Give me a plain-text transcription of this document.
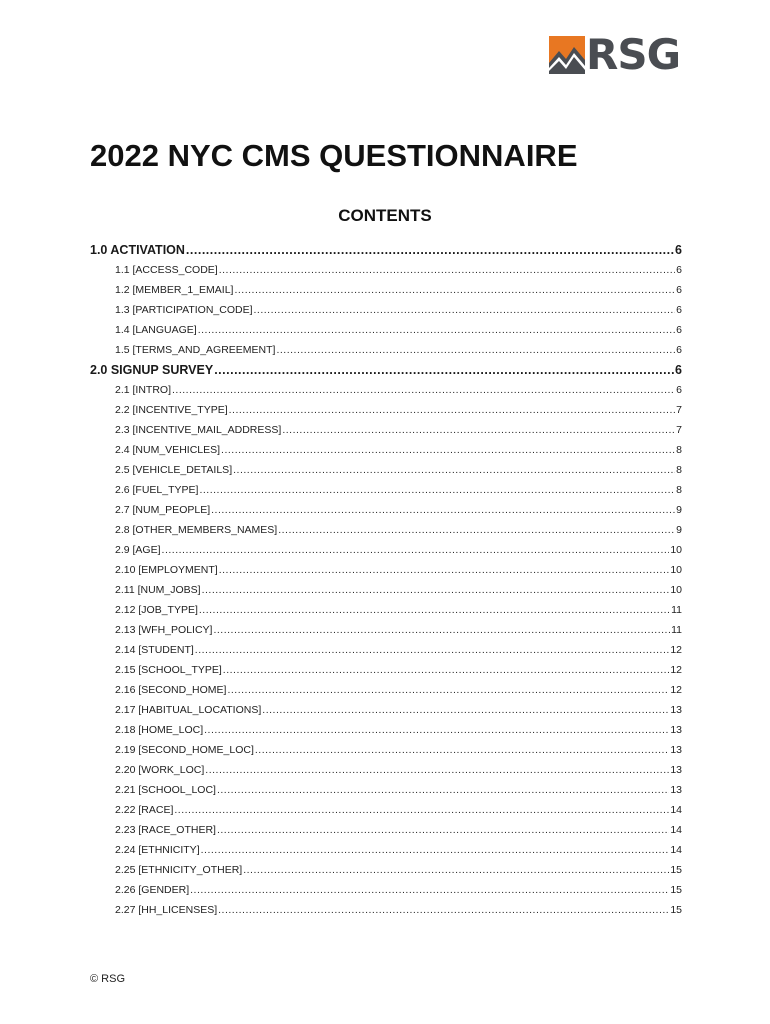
RSG
2022 NYC CMS QUESTIONNAIRE
CONTENTS
1.0 ACTIVATION .....	6
1.1 [ACCESS_CODE] .....	6
1.2 [MEMBER_1_EMAIL] .....	6
1.3 [PARTICIPATION_CODE] .....	6
1.4 [LANGUAGE] .....	6
1.5 [TERMS_AND_AGREEMENT] .....	6
2.0 SIGNUP SURVEY .....	6
2.1 [INTRO] .....	6
2.2 [INCENTIVE_TYPE] .....	7
2.3 [INCENTIVE_MAIL_ADDRESS] .....	7
2.4 [NUM_VEHICLES] .....	8
2.5 [VEHICLE_DETAILS] .....	8
2.6 [FUEL_TYPE] .....	8
2.7 [NUM_PEOPLE] .....	9
2.8 [OTHER_MEMBERS_NAMES] .....	9
2.9 [AGE] .....	10
2.10 [EMPLOYMENT] .....	10
2.11 [NUM_JOBS] .....	10
2.12 [JOB_TYPE] .....	11
2.13 [WFH_POLICY] .....	11
2.14 [STUDENT] .....	12
2.15 [SCHOOL_TYPE] .....	12
2.16 [SECOND_HOME] .....	12
2.17 [HABITUAL_LOCATIONS] .....	13
2.18 [HOME_LOC] .....	13
2.19 [SECOND_HOME_LOC] .....	13
2.20 [WORK_LOC] .....	13
2.21 [SCHOOL_LOC] .....	13
2.22 [RACE] .....	14
2.23 [RACE_OTHER] .....	14
2.24 [ETHNICITY] .....	14
2.25 [ETHNICITY_OTHER] .....	15
2.26 [GENDER] .....	15
2.27 [HH_LICENSES] .....	15
© RSG
